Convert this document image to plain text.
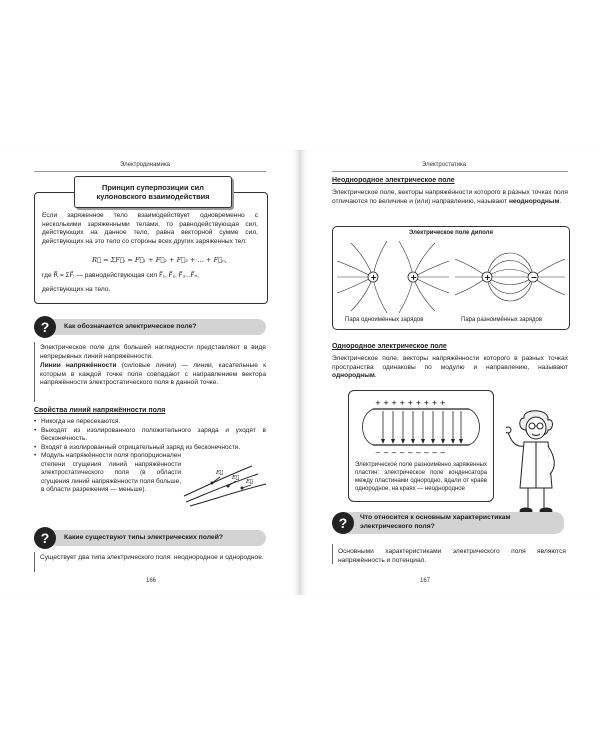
Электродинамика
Принцип суперпозиции сил
кулоновского взаимодействия
Если заряженное тело взаимодействует одновременно с несколькими заряженными телами, то равнодействующая сил, действующих на данное тело, равна векторной сумме сил, действующих на это тело со стороны всех других заряженных тел:
R⃗ = ΣF⃗ᵢ = F⃗₁ + F⃗₂ + F⃗₃ + ... + F⃗ₙ,
где R⃗ = ΣF⃗ᵢ — равнодействующая сил F⃗₁, F⃗₂, F⃗₃...F⃗ₙ,
действующих на тело.
?	Как обозначается электрическое поле?
Электрическое поле для большей наглядности представляют в виде непрерывных линий напряжённости.
Линии напряжённости (силовые линии) — линии, касательные к которым в каждой точке поля совпадают с направлением вектора напряжённости электростатического поля в данной точке.
Свойства линий напряжённости поля
• Никогда не пересекаются.
• Выходят из изолированного положительного заряда и уходят в бесконечность.
• Входят в изолированный отрицательный заряд из бесконечности.
• Модуль напряжённости поля пропорционален степени сгущения линий напряжённости электростатического поля (в области сгущения линий напряжённости поля больше, в области разрежения — меньше).
E⃗
E⃗
E⃗
?	Какие существуют типы электрических полей?
Существует два типа электрического поля: неоднородное и однородное.
166
Электростатика
Неоднородное электрическое поле
Электрическое поле, векторы напряжённости которого в разных точках поля отличаются по величине и (или) направлению, называют неоднородным.
Электрическое поле диполя
+	+	+	−
Пара одноимённых зарядов	Пара разноимённых зарядов
Однородное электрическое поле
Электрическое поле, векторы напряжённости которого в разных точках пространства одинаковы по модулю и направлению, называют однородным.
+ + + + + + + + +
− − − − − − − − −
Электрическое поле разноимённо заряженных пластин: электрическое поле конденсатора между пластинами однородно, вдали от краёв однородное, на краях — неоднородное
?	Что относится к основным характеристикам
электрического поля?
Основными характеристиками электрического поля являются напряжённость и потенциал.
167
